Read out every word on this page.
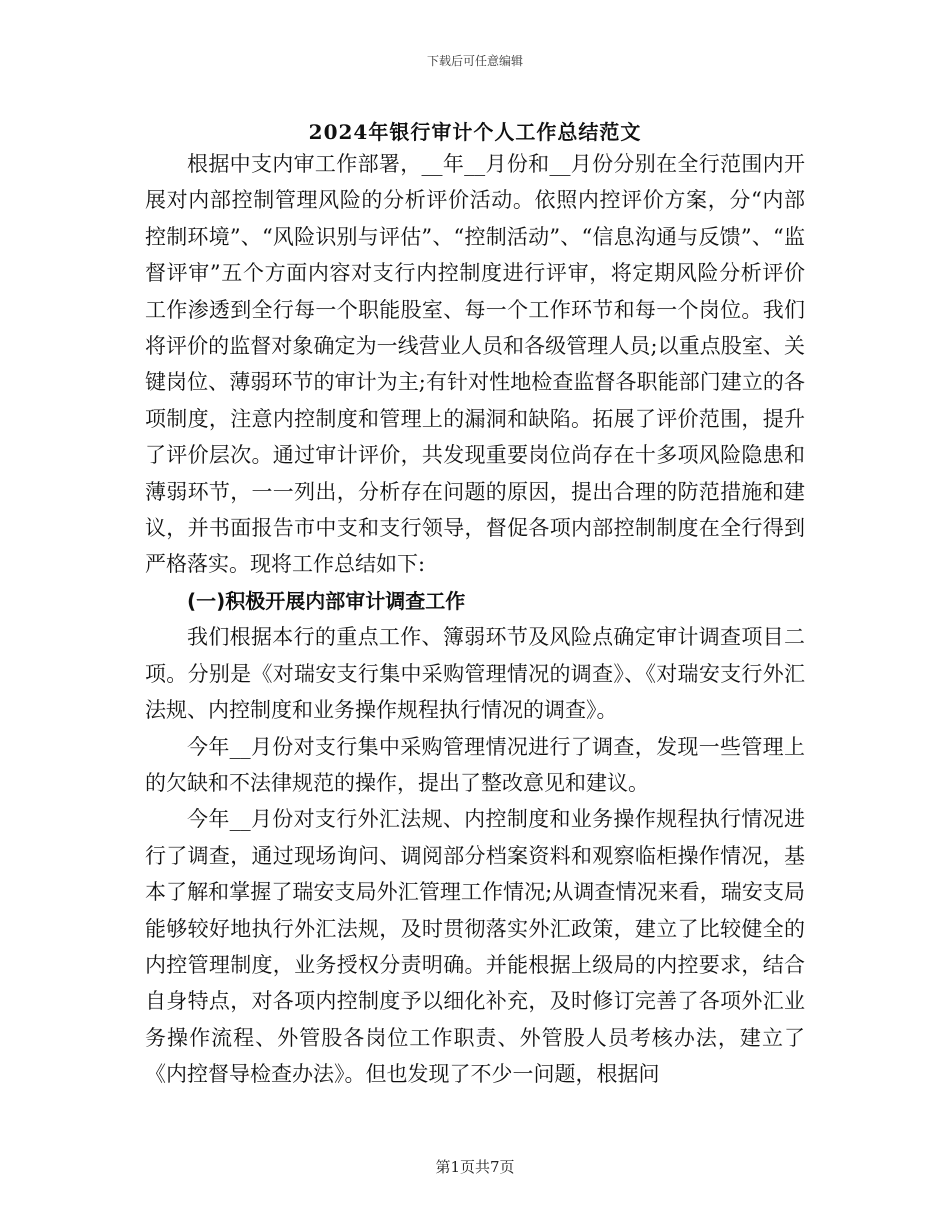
下载后可任意编辑
2024年银行审计个人工作总结范文

根据中支内审工作部署，__年__月份和__月份分别在全行范围内开展对内部控制管理风险的分析评价活动。依照内控评价方案，分“内部控制环境”、“风险识别与评估”、“控制活动”、“信息沟通与反馈”、“监督评审”五个方面内容对支行内控制度进行评审，将定期风险分析评价工作渗透到全行每一个职能股室、每一个工作环节和每一个岗位。我们将评价的监督对象确定为一线营业人员和各级管理人员;以重点股室、关键岗位、薄弱环节的审计为主;有针对性地检查监督各职能部门建立的各项制度，注意内控制度和管理上的漏洞和缺陷。拓展了评价范围，提升了评价层次。通过审计评价，共发现重要岗位尚存在十多项风险隐患和薄弱环节，一一列出，分析存在问题的原因，提出合理的防范措施和建议，并书面报告市中支和支行领导，督促各项内部控制制度在全行得到严格落实。现将工作总结如下:

(一)积极开展内部审计调查工作

我们根据本行的重点工作、簿弱环节及风险点确定审计调查项目二项。分别是《对瑞安支行集中采购管理情况的调查》、《对瑞安支行外汇法规、内控制度和业务操作规程执行情况的调查》。

今年__月份对支行集中采购管理情况进行了调查，发现一些管理上的欠缺和不法律规范的操作，提出了整改意见和建议。

今年__月份对支行外汇法规、内控制度和业务操作规程执行情况进行了调查，通过现场询问、调阅部分档案资料和观察临柜操作情况，基本了解和掌握了瑞安支局外汇管理工作情况;从调查情况来看，瑞安支局能够较好地执行外汇法规，及时贯彻落实外汇政策，建立了比较健全的内控管理制度，业务授权分责明确。并能根据上级局的内控要求，结合自身特点，对各项内控制度予以细化补充，及时修订完善了各项外汇业务操作流程、外管股各岗位工作职责、外管股人员考核办法，建立了《内控督导检查办法》。但也发现了不少一问题，根据问

第1页共7页
